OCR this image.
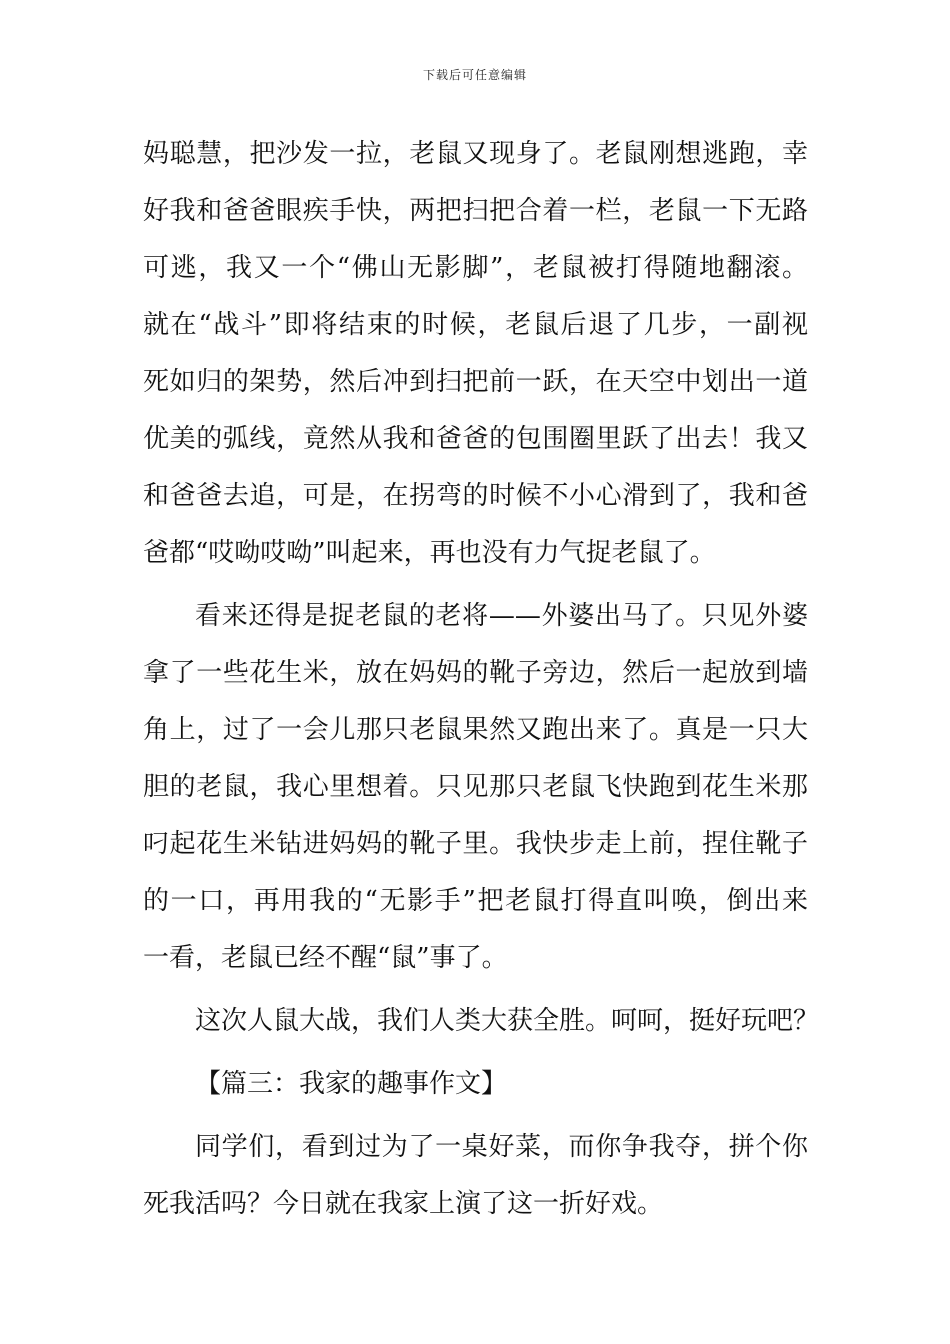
下载后可任意编辑
妈聪慧，把沙发一拉，老鼠又现身了。老鼠刚想逃跑，幸
好我和爸爸眼疾手快，两把扫把合着一栏，老鼠一下无路
可逃，我又一个“佛山无影脚”，老鼠被打得随地翻滚。
就在“战斗”即将结束的时候，老鼠后退了几步，一副视
死如归的架势，然后冲到扫把前一跃，在天空中划出一道
优美的弧线，竟然从我和爸爸的包围圈里跃了出去！我又
和爸爸去追，可是，在拐弯的时候不小心滑到了，我和爸
爸都“哎呦哎呦”叫起来，再也没有力气捉老鼠了。
看来还得是捉老鼠的老将——外婆出马了。只见外婆
拿了一些花生米，放在妈妈的靴子旁边，然后一起放到墙
角上，过了一会儿那只老鼠果然又跑出来了。真是一只大
胆的老鼠，我心里想着。只见那只老鼠飞快跑到花生米那
叼起花生米钻进妈妈的靴子里。我快步走上前，捏住靴子
的一口，再用我的“无影手”把老鼠打得直叫唤，倒出来
一看，老鼠已经不醒“鼠”事了。
这次人鼠大战，我们人类大获全胜。呵呵，挺好玩吧？
【篇三：我家的趣事作文】
同学们，看到过为了一桌好菜，而你争我夺，拼个你
死我活吗？今日就在我家上演了这一折好戏。
